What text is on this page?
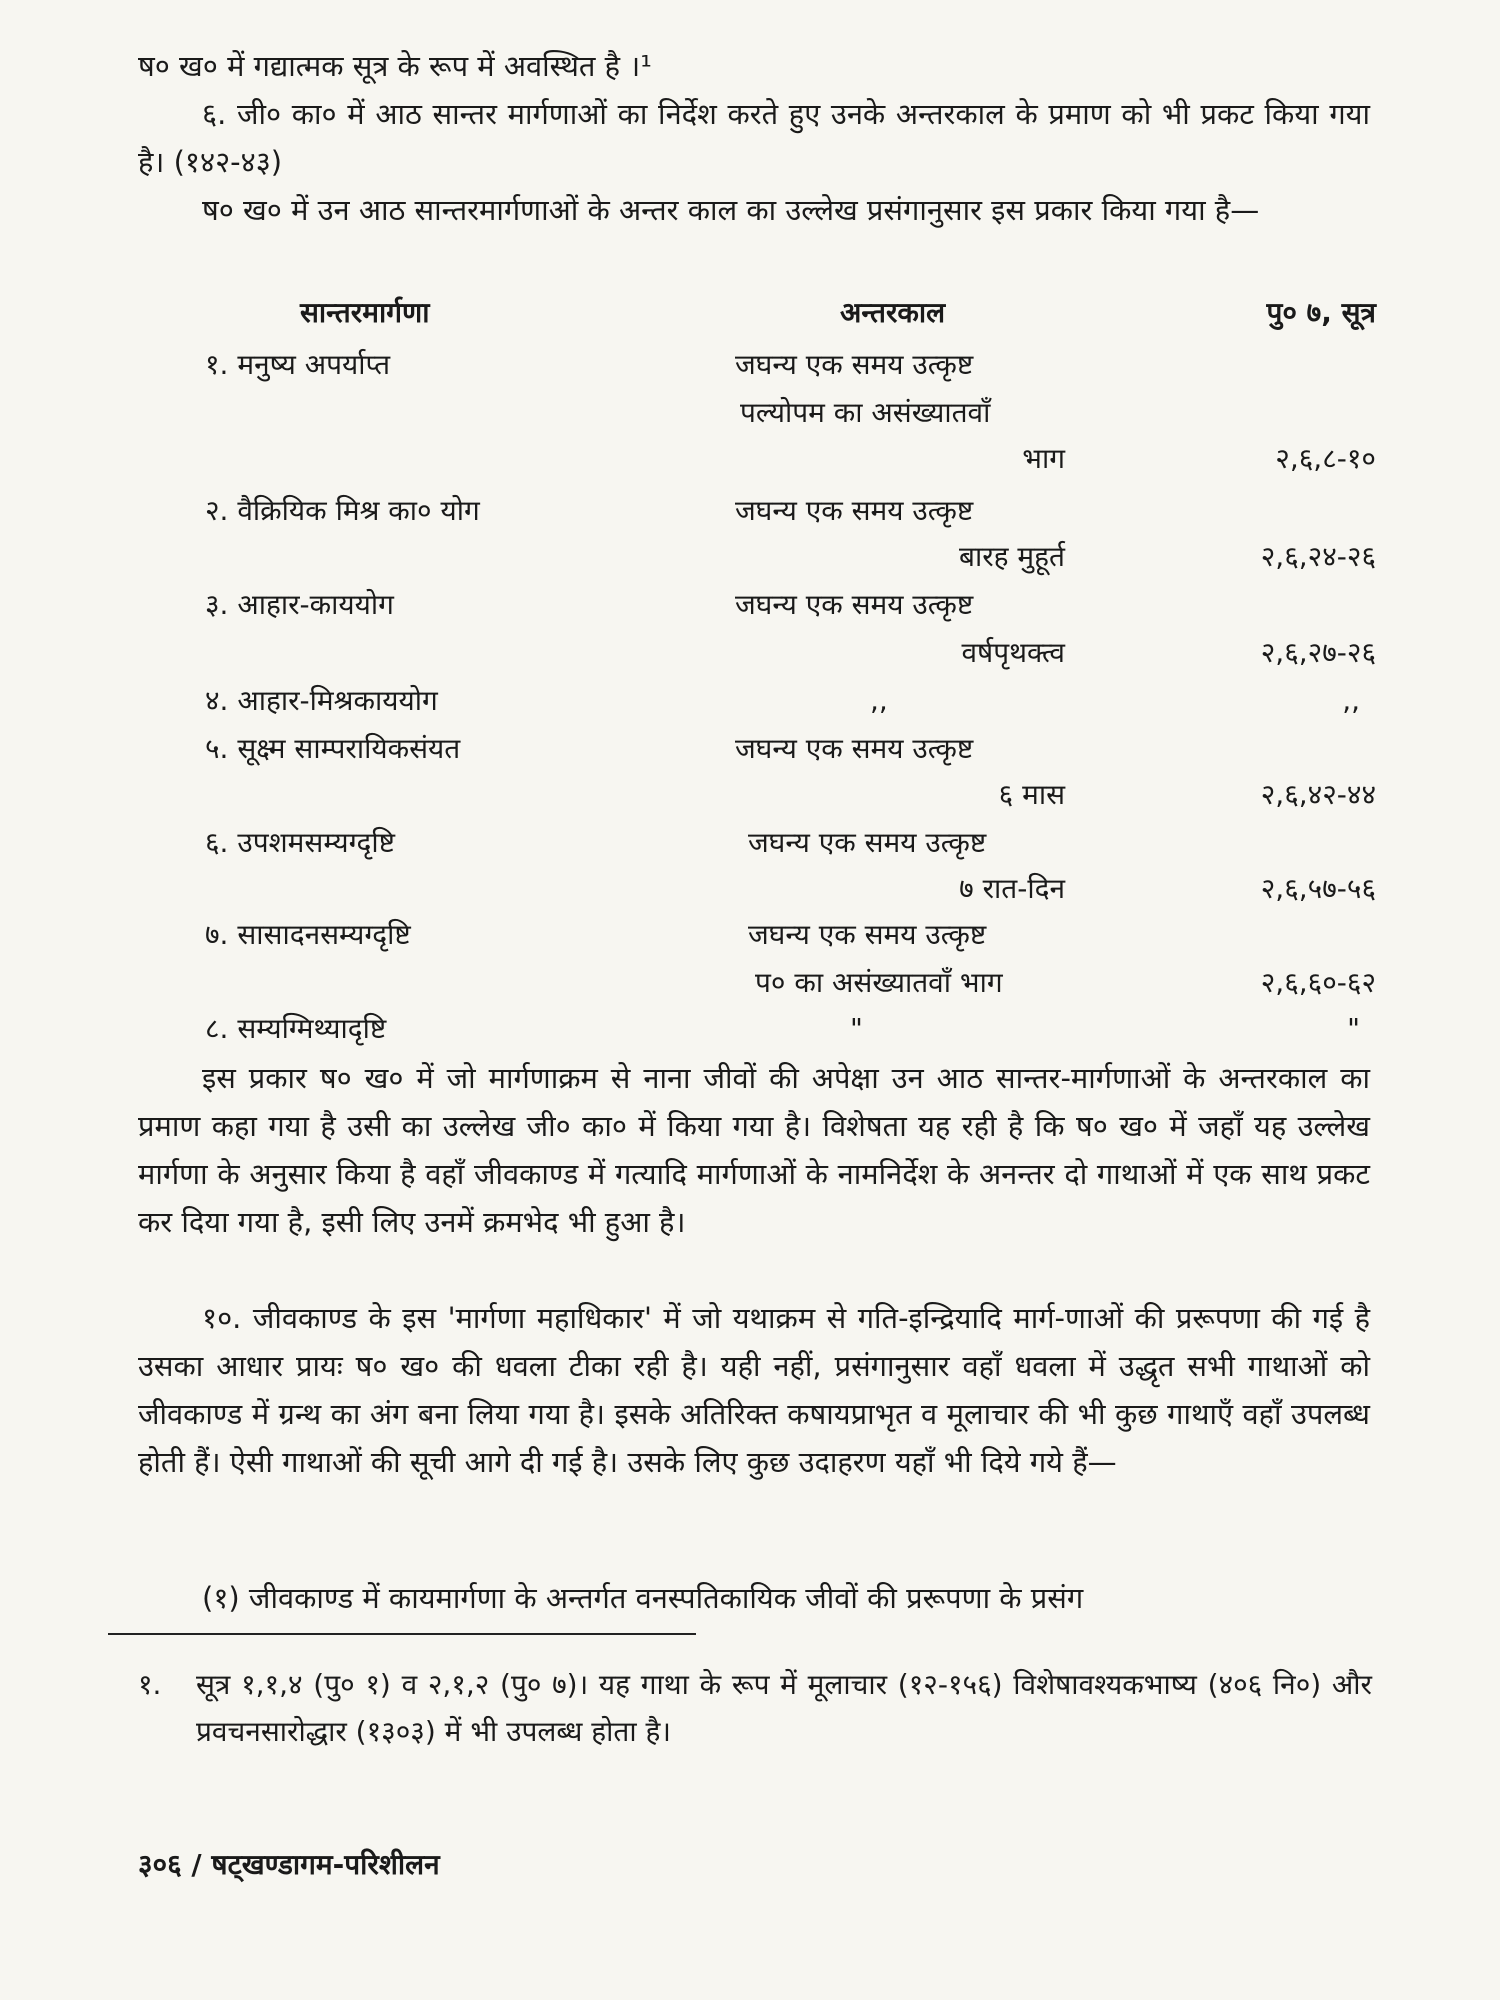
ष० ख० में गद्यात्मक सूत्र के रूप में अवस्थित है ।¹

६. जी० का० में आठ सान्तर मार्गणाओं का निर्देश करते हुए उनके अन्तरकाल के प्रमाण को भी प्रकट किया गया है। (१४२-४३)

ष० ख० में उन आठ सान्तरमार्गणाओं के अन्तर काल का उल्लेख प्रसंगानुसार इस प्रकार किया गया है—

सान्तरमार्गणा	अन्तरकाल	पु० ७, सूत्र
१. मनुष्य अपर्याप्त	जघन्य एक समय उत्कृष्ट
पल्योपम का असंख्यातवाँ
भाग	२,६,८-१०
२. वैक्रियिक मिश्र का० योग	जघन्य एक समय उत्कृष्ट
बारह मुहूर्त	२,६,२४-२६
३. आहार-काययोग	जघन्य एक समय उत्कृष्ट
वर्षपृथक्त्व	२,६,२७-२६
४. आहार-मिश्रकाययोग	,,	,,
५. सूक्ष्म साम्परायिकसंयत	जघन्य एक समय उत्कृष्ट
६ मास	२,६,४२-४४
६. उपशमसम्यग्दृष्टि	जघन्य एक समय उत्कृष्ट
७ रात-दिन	२,६,५७-५६
७. सासादनसम्यग्दृष्टि	जघन्य एक समय उत्कृष्ट
प० का असंख्यातवाँ भाग	२,६,६०-६२
८. सम्यग्मिथ्यादृष्टि	"	"

इस प्रकार ष० ख० में जो मार्गणाक्रम से नाना जीवों की अपेक्षा उन आठ सान्तर-मार्गणाओं के अन्तरकाल का प्रमाण कहा गया है उसी का उल्लेख जी० का० में किया गया है। विशेषता यह रही है कि ष० ख० में जहाँ यह उल्लेख मार्गणा के अनुसार किया है वहाँ जीवकाण्ड में गत्यादि मार्गणाओं के नामनिर्देश के अनन्तर दो गाथाओं में एक साथ प्रकट कर दिया गया है, इसी लिए उनमें क्रमभेद भी हुआ है।

१०. जीवकाण्ड के इस 'मार्गणा महाधिकार' में जो यथाक्रम से गति-इन्द्रियादि मार्ग-णाओं की प्ररूपणा की गई है उसका आधार प्रायः ष० ख० की धवला टीका रही है। यही नहीं, प्रसंगानुसार वहाँ धवला में उद्धृत सभी गाथाओं को जीवकाण्ड में ग्रन्थ का अंग बना लिया गया है। इसके अतिरिक्त कषायप्राभृत व मूलाचार की भी कुछ गाथाएँ वहाँ उपलब्ध होती हैं। ऐसी गाथाओं की सूची आगे दी गई है। उसके लिए कुछ उदाहरण यहाँ भी दिये गये हैं—

(१) जीवकाण्ड में कायमार्गणा के अन्तर्गत वनस्पतिकायिक जीवों की प्ररूपणा के प्रसंग

१. सूत्र १,१,४ (पु० १) व २,१,२ (पु० ७)। यह गाथा के रूप में मूलाचार (१२-१५६) विशेषावश्यकभाष्य (४०६ नि०) और प्रवचनसारोद्धार (१३०३) में भी उपलब्ध होता है।

३०६ / षट्खण्डागम-परिशीलन
